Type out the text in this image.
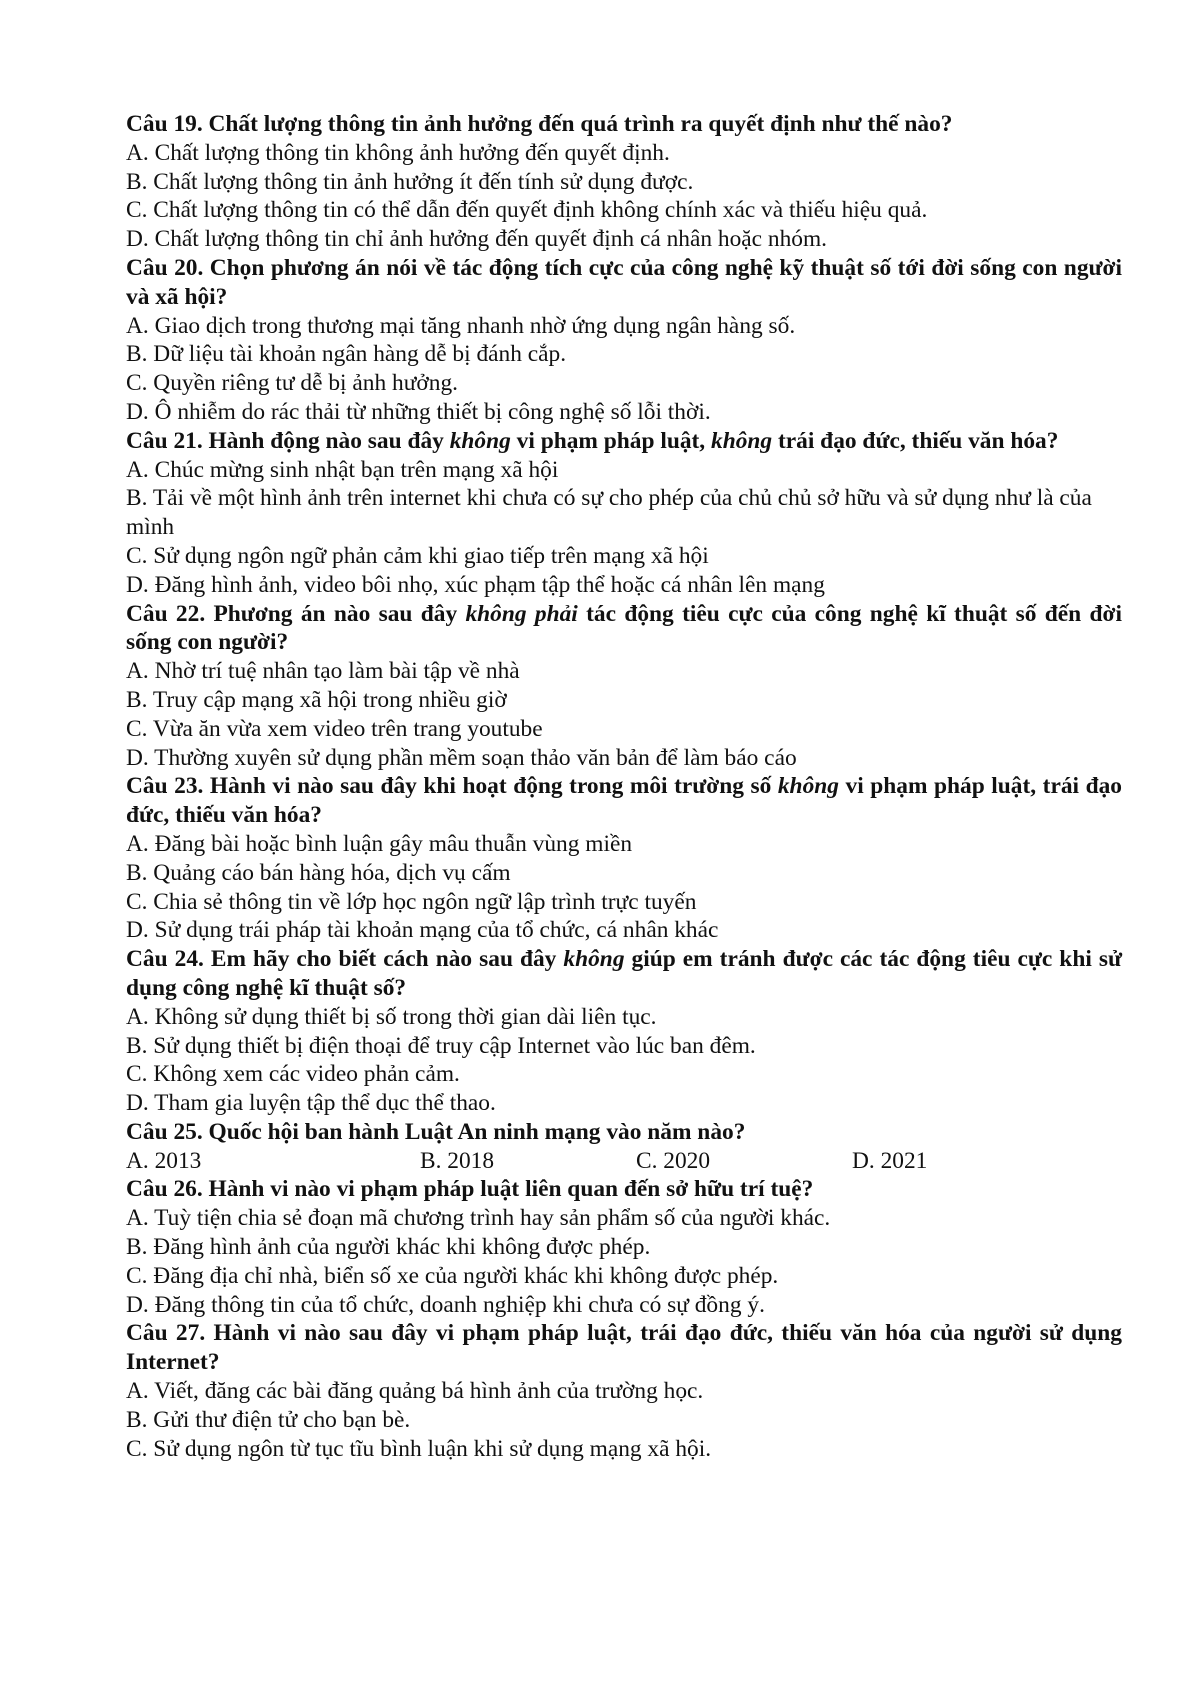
Câu 19. Chất lượng thông tin ảnh hưởng đến quá trình ra quyết định như thế nào?

A. Chất lượng thông tin không ảnh hưởng đến quyết định.

B. Chất lượng thông tin ảnh hưởng ít đến tính sử dụng được.

C. Chất lượng thông tin có thể dẫn đến quyết định không chính xác và thiếu hiệu quả.

D. Chất lượng thông tin chỉ ảnh hưởng đến quyết định cá nhân hoặc nhóm.

Câu 20. Chọn phương án nói về tác động tích cực của công nghệ kỹ thuật số tới đời sống con người và xã hội?

A. Giao dịch trong thương mại tăng nhanh nhờ ứng dụng ngân hàng số.

B. Dữ liệu tài khoản ngân hàng dễ bị đánh cắp.

C. Quyền riêng tư dễ bị ảnh hưởng.

D. Ô nhiễm do rác thải từ những thiết bị công nghệ số lỗi thời.

Câu 21. Hành động nào sau đây không vi phạm pháp luật, không trái đạo đức, thiếu văn hóa?

A. Chúc mừng sinh nhật bạn trên mạng xã hội

B. Tải về một hình ảnh trên internet khi chưa có sự cho phép của chủ chủ sở hữu và sử dụng như là của mình

C. Sử dụng ngôn ngữ phản cảm khi giao tiếp trên mạng xã hội

D. Đăng hình ảnh, video bôi nhọ, xúc phạm tập thể hoặc cá nhân lên mạng

Câu 22. Phương án nào sau đây không phải tác động tiêu cực của công nghệ kĩ thuật số đến đời sống con người?

A. Nhờ trí tuệ nhân tạo làm bài tập về nhà

B. Truy cập mạng xã hội trong nhiều giờ

C. Vừa ăn vừa xem video trên trang youtube

D. Thường xuyên sử dụng phần mềm soạn thảo văn bản để làm báo cáo

Câu 23. Hành vi nào sau đây khi hoạt động trong môi trường số không vi phạm pháp luật, trái đạo đức, thiếu văn hóa?

A. Đăng bài hoặc bình luận gây mâu thuẫn vùng miền

B. Quảng cáo bán hàng hóa, dịch vụ cấm

C. Chia sẻ thông tin về lớp học ngôn ngữ lập trình trực tuyến

D. Sử dụng trái pháp tài khoản mạng của tổ chức, cá nhân khác

Câu 24. Em hãy cho biết cách nào sau đây không giúp em tránh được các tác động tiêu cực khi sử dụng công nghệ kĩ thuật số?

A. Không sử dụng thiết bị số trong thời gian dài liên tục.

B. Sử dụng thiết bị điện thoại để truy cập Internet vào lúc ban đêm.

C. Không xem các video phản cảm.

D. Tham gia luyện tập thể dục thể thao.

Câu 25. Quốc hội ban hành Luật An ninh mạng vào năm nào?

A. 2013	B. 2018	C. 2020	D. 2021

Câu 26. Hành vi nào vi phạm pháp luật liên quan đến sở hữu trí tuệ?

A. Tuỳ tiện chia sẻ đoạn mã chương trình hay sản phẩm số của người khác.

B. Đăng hình ảnh của người khác khi không được phép.

C. Đăng địa chỉ nhà, biển số xe của người khác khi không được phép.

D. Đăng thông tin của tổ chức, doanh nghiệp khi chưa có sự đồng ý.

Câu 27. Hành vi nào sau đây vi phạm pháp luật, trái đạo đức, thiếu văn hóa của người sử dụng Internet?

A. Viết, đăng các bài đăng quảng bá hình ảnh của trường học.

B. Gửi thư điện tử cho bạn bè.

C. Sử dụng ngôn từ tục tĩu bình luận khi sử dụng mạng xã hội.
